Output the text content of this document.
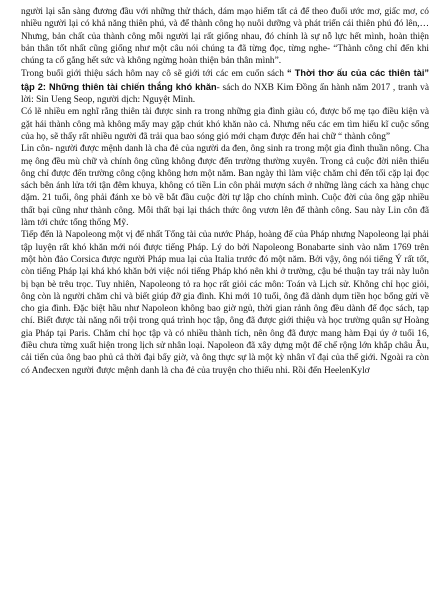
người lại sẵn sàng đương đầu với những thử thách, dám mạo hiểm tất cả để theo đuổi ước mơ, giấc mơ, có nhiều người lại có khả năng thiên phú, và để thành công họ nuôi dưỡng và phát triển cái thiên phú đó lên,…Nhưng, bản chất của thành công mỗi người lại rất giống nhau, đó chính là sự nỗ lực hết mình, hoàn thiện bản thân tốt nhất cũng giống như một câu nói chúng ta đã từng đọc, từng nghe- “Thành công chỉ đến khi chúng ta cố gắng hết sức và không ngừng hoàn thiện bản thân mình”.

Trong buổi giới thiệu sách hôm nay cô sẽ giới tới các em cuốn sách “ Thời thơ ấu của các thiên tài” tập 2: Những thiên tài chiến thắng khó khăn- sách do NXB Kim Đồng ấn hành năm 2017 , tranh và lời: Sin Ueng Seop, người dịch: Nguyệt Minh.

Có lẽ nhiều em nghĩ rằng thiên tài được sinh ra trong những gia đình giàu có, được bố mẹ tạo điều kiện và gặt hái thành công mà không mấy may gặp chút khó khăn nào cả. Nhưng nếu các em tìm hiểu kĩ cuộc sống của họ, sẽ thấy rất nhiều người đã trải qua bao sóng gió mới chạm được đến hai chữ “ thành công”

Lin côn- người được mệnh danh là cha đẻ của người da đen, ông sinh ra trong một gia đình thuần nông. Cha mẹ ông đều mù chữ và chính ông cũng không được đến trường thường xuyên. Trong cả cuộc đời niên thiếu ông chỉ được đến trường công cộng không hơn một năm. Ban ngày thì làm việc chăm chỉ đến tối cặp lại đọc sách bên ánh lửa tới tận đêm khuya, không có tiền Lin côn phải mượn sách ở những làng cách xa hàng chục dặm. 21 tuổi, ông phải đánh xe bò về bắt đầu cuộc đời tự lập cho chính mình. Cuộc đời của ông gặp nhiều thất bại cũng như thành công. Mỗi thất bại lại thách thức ông vươn lên để thành công. Sau này Lin côn đã làm tới chức tổng thống Mỹ.

Tiếp đến là Napoleong một vị đế nhất Tổng tài của nước Pháp, hoàng đế của Pháp nhưng Napoleong lại phải tập luyện rất khó khăn mới nói được tiếng Pháp. Lý do bởi Napoleong Bonabarte sinh vào năm 1769 trên một hòn đảo Corsica được người Pháp mua lại của Italia trước đó một năm. Bởi vậy, ông nói tiếng Ý rất tốt, còn tiếng Pháp lại khá khó khăn bởi việc nói tiếng Pháp khó nên khi ở trường, cậu bé thuận tay trái này luôn bị bạn bè trêu trọc. Tuy nhiên, Napoleong tỏ ra học rất giỏi các môn: Toán và Lịch sử. Không chỉ học giỏi, ông còn là người chăm chỉ và biết giúp đỡ gia đình. Khi mới 10 tuổi, ông đã dành dụm tiền học bổng gửi về cho gia đình. Đặc biệt hầu như Napoleon không bao giờ ngủ, thời gian rảnh ông đều dành để đọc sách, tạp chí. Biết được tài năng nổi trội trong quá trình học tập, ông đã được giới thiệu và học trường quân sự Hoàng gia Pháp tại Paris. Chăm chỉ học tập và có nhiều thành tích, nên ông đã được mang hàm Đại úy ở tuổi 16, điều chưa từng xuất hiện trong lịch sử nhân loại. Napoleon đã xây dựng một đế chế rộng lớn khắp châu Âu, cải tiến của ông bao phủ cả thời đại bấy giờ, và ông thực sự là một kỳ nhân vĩ đại của thế giới. Ngoài ra còn có Anđecxen người được mệnh danh là cha đẻ của truyện cho thiếu nhi. Rồi đến HeelenKylơ
